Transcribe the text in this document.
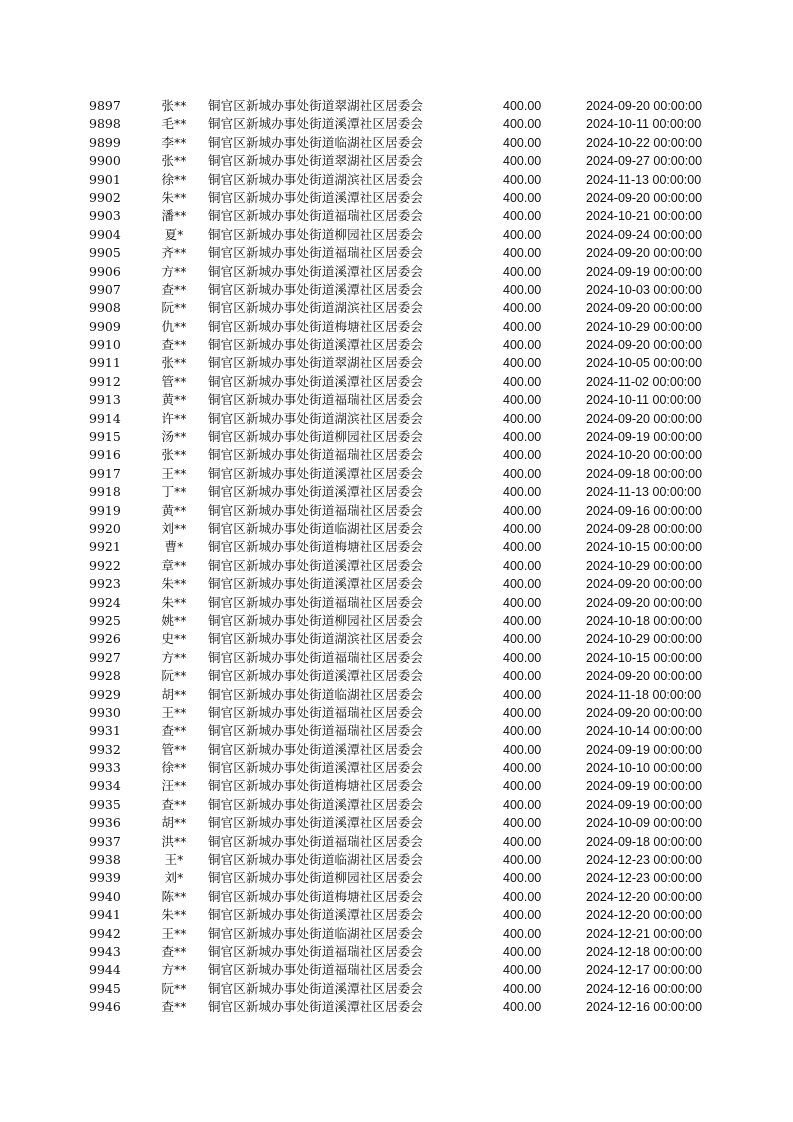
9897	张**	铜官区新城办事处街道翠湖社区居委会	400.00	2024-09-20 00:00:00
9898	毛**	铜官区新城办事处街道溪潭社区居委会	400.00	2024-10-11 00:00:00
9899	李**	铜官区新城办事处街道临湖社区居委会	400.00	2024-10-22 00:00:00
9900	张**	铜官区新城办事处街道翠湖社区居委会	400.00	2024-09-27 00:00:00
9901	徐**	铜官区新城办事处街道湖滨社区居委会	400.00	2024-11-13 00:00:00
9902	朱**	铜官区新城办事处街道溪潭社区居委会	400.00	2024-09-20 00:00:00
9903	潘**	铜官区新城办事处街道福瑞社区居委会	400.00	2024-10-21 00:00:00
9904	夏*	铜官区新城办事处街道柳园社区居委会	400.00	2024-09-24 00:00:00
9905	齐**	铜官区新城办事处街道福瑞社区居委会	400.00	2024-09-20 00:00:00
9906	方**	铜官区新城办事处街道溪潭社区居委会	400.00	2024-09-19 00:00:00
9907	查**	铜官区新城办事处街道溪潭社区居委会	400.00	2024-10-03 00:00:00
9908	阮**	铜官区新城办事处街道湖滨社区居委会	400.00	2024-09-20 00:00:00
9909	仇**	铜官区新城办事处街道梅塘社区居委会	400.00	2024-10-29 00:00:00
9910	查**	铜官区新城办事处街道溪潭社区居委会	400.00	2024-09-20 00:00:00
9911	张**	铜官区新城办事处街道翠湖社区居委会	400.00	2024-10-05 00:00:00
9912	管**	铜官区新城办事处街道溪潭社区居委会	400.00	2024-11-02 00:00:00
9913	黄**	铜官区新城办事处街道福瑞社区居委会	400.00	2024-10-11 00:00:00
9914	许**	铜官区新城办事处街道湖滨社区居委会	400.00	2024-09-20 00:00:00
9915	汤**	铜官区新城办事处街道柳园社区居委会	400.00	2024-09-19 00:00:00
9916	张**	铜官区新城办事处街道福瑞社区居委会	400.00	2024-10-20 00:00:00
9917	王**	铜官区新城办事处街道溪潭社区居委会	400.00	2024-09-18 00:00:00
9918	丁**	铜官区新城办事处街道溪潭社区居委会	400.00	2024-11-13 00:00:00
9919	黄**	铜官区新城办事处街道福瑞社区居委会	400.00	2024-09-16 00:00:00
9920	刘**	铜官区新城办事处街道临湖社区居委会	400.00	2024-09-28 00:00:00
9921	曹*	铜官区新城办事处街道梅塘社区居委会	400.00	2024-10-15 00:00:00
9922	章**	铜官区新城办事处街道溪潭社区居委会	400.00	2024-10-29 00:00:00
9923	朱**	铜官区新城办事处街道溪潭社区居委会	400.00	2024-09-20 00:00:00
9924	朱**	铜官区新城办事处街道福瑞社区居委会	400.00	2024-09-20 00:00:00
9925	姚**	铜官区新城办事处街道柳园社区居委会	400.00	2024-10-18 00:00:00
9926	史**	铜官区新城办事处街道湖滨社区居委会	400.00	2024-10-29 00:00:00
9927	方**	铜官区新城办事处街道福瑞社区居委会	400.00	2024-10-15 00:00:00
9928	阮**	铜官区新城办事处街道溪潭社区居委会	400.00	2024-09-20 00:00:00
9929	胡**	铜官区新城办事处街道临湖社区居委会	400.00	2024-11-18 00:00:00
9930	王**	铜官区新城办事处街道福瑞社区居委会	400.00	2024-09-20 00:00:00
9931	查**	铜官区新城办事处街道福瑞社区居委会	400.00	2024-10-14 00:00:00
9932	管**	铜官区新城办事处街道溪潭社区居委会	400.00	2024-09-19 00:00:00
9933	徐**	铜官区新城办事处街道溪潭社区居委会	400.00	2024-10-10 00:00:00
9934	汪**	铜官区新城办事处街道梅塘社区居委会	400.00	2024-09-19 00:00:00
9935	查**	铜官区新城办事处街道溪潭社区居委会	400.00	2024-09-19 00:00:00
9936	胡**	铜官区新城办事处街道溪潭社区居委会	400.00	2024-10-09 00:00:00
9937	洪**	铜官区新城办事处街道福瑞社区居委会	400.00	2024-09-18 00:00:00
9938	王*	铜官区新城办事处街道临湖社区居委会	400.00	2024-12-23 00:00:00
9939	刘*	铜官区新城办事处街道柳园社区居委会	400.00	2024-12-23 00:00:00
9940	陈**	铜官区新城办事处街道梅塘社区居委会	400.00	2024-12-20 00:00:00
9941	朱**	铜官区新城办事处街道溪潭社区居委会	400.00	2024-12-20 00:00:00
9942	王**	铜官区新城办事处街道临湖社区居委会	400.00	2024-12-21 00:00:00
9943	查**	铜官区新城办事处街道福瑞社区居委会	400.00	2024-12-18 00:00:00
9944	方**	铜官区新城办事处街道福瑞社区居委会	400.00	2024-12-17 00:00:00
9945	阮**	铜官区新城办事处街道溪潭社区居委会	400.00	2024-12-16 00:00:00
9946	查**	铜官区新城办事处街道溪潭社区居委会	400.00	2024-12-16 00:00:00
